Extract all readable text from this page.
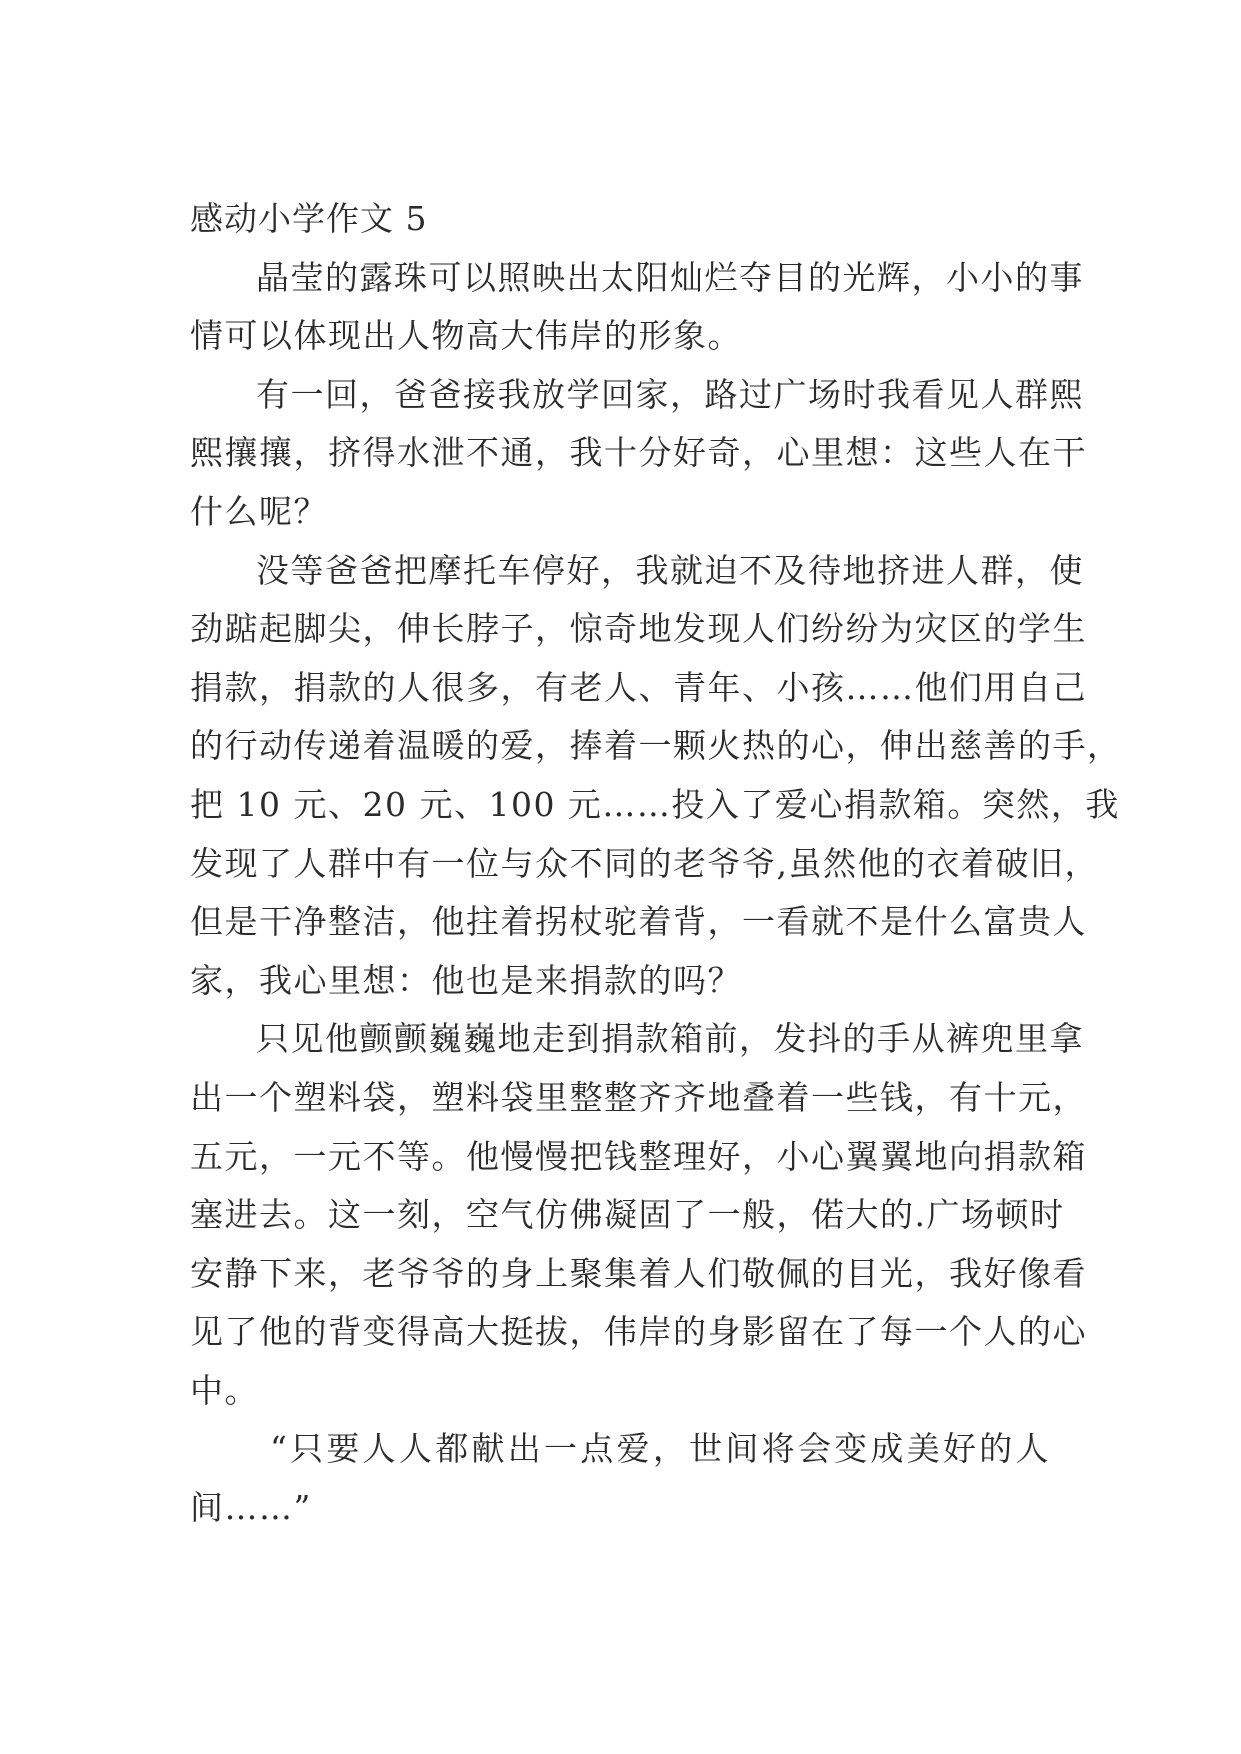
感动小学作文 5
晶莹的露珠可以照映出太阳灿烂夺目的光辉，小小的事
情可以体现出人物高大伟岸的形象。
有一回，爸爸接我放学回家，路过广场时我看见人群熙
熙攘攘，挤得水泄不通，我十分好奇，心里想：这些人在干
什么呢？
没等爸爸把摩托车停好，我就迫不及待地挤进人群，使
劲踮起脚尖，伸长脖子，惊奇地发现人们纷纷为灾区的学生
捐款，捐款的人很多，有老人、青年、小孩……他们用自己
的行动传递着温暖的爱，捧着一颗火热的心，伸出慈善的手，
把 10 元、20 元、100 元……投入了爱心捐款箱。突然，我
发现了人群中有一位与众不同的老爷爷,虽然他的衣着破旧，
但是干净整洁，他拄着拐杖驼着背，一看就不是什么富贵人
家，我心里想：他也是来捐款的吗？
只见他颤颤巍巍地走到捐款箱前，发抖的手从裤兜里拿
出一个塑料袋，塑料袋里整整齐齐地叠着一些钱，有十元，
五元，一元不等。他慢慢把钱整理好，小心翼翼地向捐款箱
塞进去。这一刻，空气仿佛凝固了一般，偌大的.广场顿时
安静下来，老爷爷的身上聚集着人们敬佩的目光，我好像看
见了他的背变得高大挺拔，伟岸的身影留在了每一个人的心
中。
“只要人人都献出一点爱，世间将会变成美好的人
间……”
